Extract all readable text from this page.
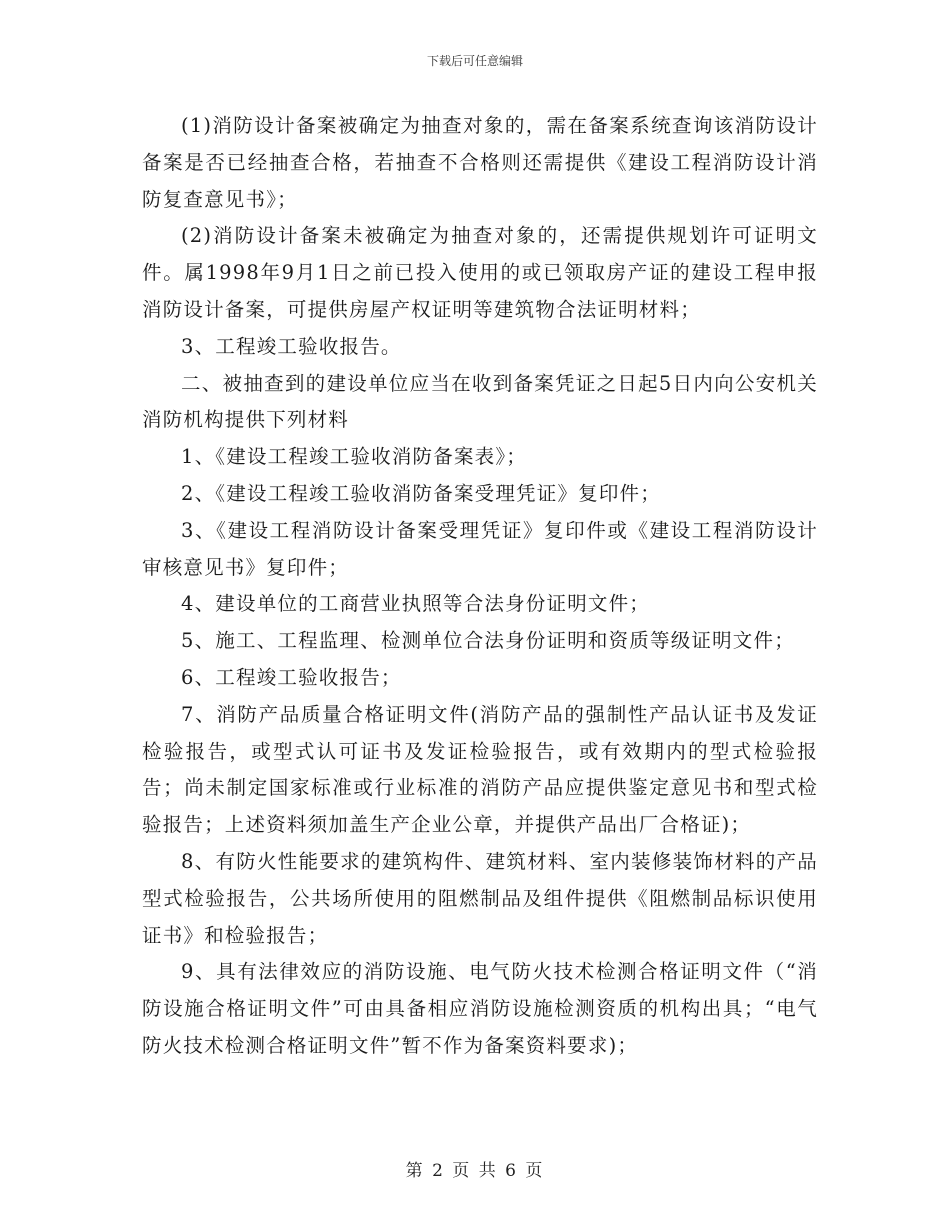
下载后可任意编辑

(1)消防设计备案被确定为抽查对象的，需在备案系统查询该消防设计备案是否已经抽查合格，若抽查不合格则还需提供《建设工程消防设计消防复查意见书》；

(2)消防设计备案未被确定为抽查对象的，还需提供规划许可证明文件。属1998年9月1日之前已投入使用的或已领取房产证的建设工程申报消防设计备案，可提供房屋产权证明等建筑物合法证明材料；

3、工程竣工验收报告。

二、被抽查到的建设单位应当在收到备案凭证之日起5日内向公安机关消防机构提供下列材料

1、《建设工程竣工验收消防备案表》；

2、《建设工程竣工验收消防备案受理凭证》复印件；

3、《建设工程消防设计备案受理凭证》复印件或《建设工程消防设计审核意见书》复印件；

4、建设单位的工商营业执照等合法身份证明文件；

5、施工、工程监理、检测单位合法身份证明和资质等级证明文件；

6、工程竣工验收报告；

7、消防产品质量合格证明文件(消防产品的强制性产品认证书及发证检验报告，或型式认可证书及发证检验报告，或有效期内的型式检验报告；尚未制定国家标准或行业标准的消防产品应提供鉴定意见书和型式检验报告；上述资料须加盖生产企业公章，并提供产品出厂合格证)；

8、有防火性能要求的建筑构件、建筑材料、室内装修装饰材料的产品型式检验报告，公共场所使用的阻燃制品及组件提供《阻燃制品标识使用证书》和检验报告；

9、具有法律效应的消防设施、电气防火技术检测合格证明文件（“消防设施合格证明文件”可由具备相应消防设施检测资质的机构出具；“电气防火技术检测合格证明文件”暂不作为备案资料要求)；

第 2 页 共 6 页
